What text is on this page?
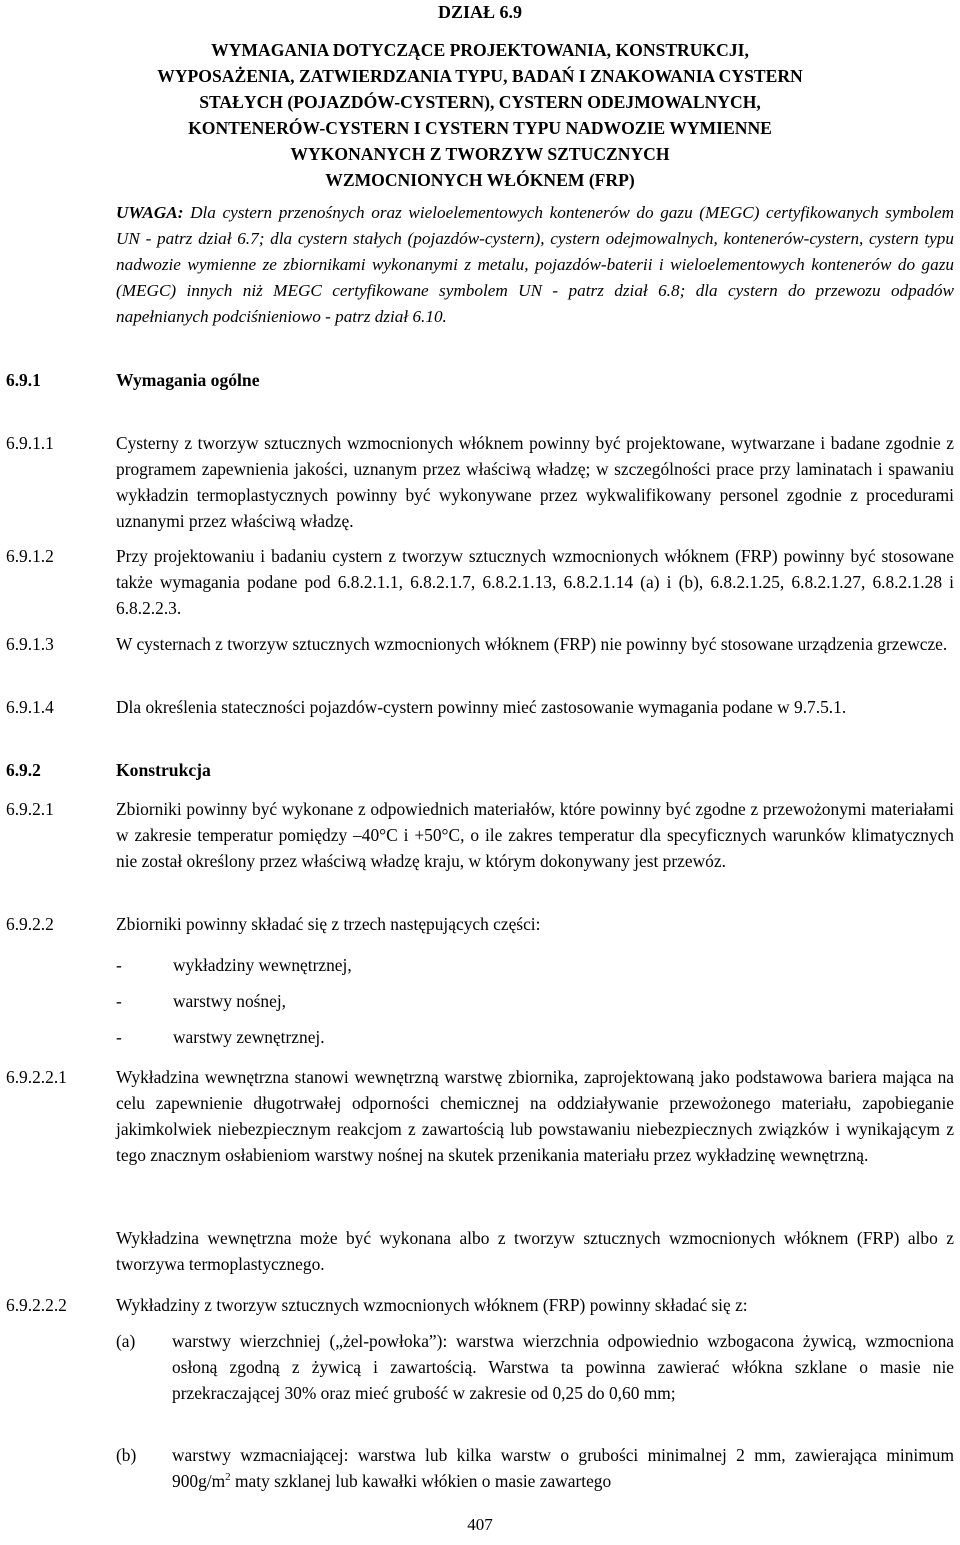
DZIAŁ 6.9
WYMAGANIA DOTYCZĄCE PROJEKTOWANIA, KONSTRUKCJI,
WYPOSAŻENIA, ZATWIERDZANIA TYPU, BADAŃ I ZNAKOWANIA CYSTERN
STAŁYCH (POJAZDÓW-CYSTERN), CYSTERN ODEJMOWALNYCH,
KONTENERÓW-CYSTERN I CYSTERN TYPU NADWOZIE WYMIENNE
WYKONANYCH Z TWORZYW SZTUCZNYCH
WZMOCNIONYCH WŁÓKNEM (FRP)
UWAGA: Dla cystern przenośnych oraz wieloelementowych kontenerów do gazu (MEGC) certyfikowanych symbolem UN - patrz dział 6.7; dla cystern stałych (pojazdów-cystern), cystern odejmowalnych, kontenerów-cystern, cystern typu nadwozie wymienne ze zbiornikami wykonanymi z metalu, pojazdów-baterii i wieloelementowych kontenerów do gazu (MEGC) innych niż MEGC certyfikowane symbolem UN - patrz dział 6.8; dla cystern do przewozu odpadów napełnianych podciśnieniowo - patrz dział 6.10.
6.9.1	Wymagania ogólne
6.9.1.1	Cysterny z tworzyw sztucznych wzmocnionych włóknem powinny być projektowane, wytwarzane i badane zgodnie z programem zapewnienia jakości, uznanym przez właściwą władzę; w szczególności prace przy laminatach i spawaniu wykładzin termoplastycznych powinny być wykonywane przez wykwalifikowany personel zgodnie z procedurami uznanymi przez właściwą władzę.
6.9.1.2	Przy projektowaniu i badaniu cystern z tworzyw sztucznych wzmocnionych włóknem (FRP) powinny być stosowane także wymagania podane pod 6.8.2.1.1, 6.8.2.1.7, 6.8.2.1.13, 6.8.2.1.14 (a) i (b), 6.8.2.1.25, 6.8.2.1.27, 6.8.2.1.28 i 6.8.2.2.3.
6.9.1.3	W cysternach z tworzyw sztucznych wzmocnionych włóknem (FRP) nie powinny być stosowane urządzenia grzewcze.
6.9.1.4	Dla określenia stateczności pojazdów-cystern powinny mieć zastosowanie wymagania podane w 9.7.5.1.
6.9.2	Konstrukcja
6.9.2.1	Zbiorniki powinny być wykonane z odpowiednich materiałów, które powinny być zgodne z przewożonymi materiałami w zakresie temperatur pomiędzy –40°C i +50°C, o ile zakres temperatur dla specyficznych warunków klimatycznych nie został określony przez właściwą władzę kraju, w którym dokonywany jest przewóz.
6.9.2.2	Zbiorniki powinny składać się z trzech następujących części:
-	wykładziny wewnętrznej,
-	warstwy nośnej,
-	warstwy zewnętrznej.
6.9.2.2.1	Wykładzina wewnętrzna stanowi wewnętrzną warstwę zbiornika, zaprojektowaną jako podstawowa bariera mająca na celu zapewnienie długotrwałej odporności chemicznej na oddziaływanie przewożonego materiału, zapobieganie jakimkolwiek niebezpiecznym reakcjom z zawartością lub powstawaniu niebezpiecznych związków i wynikającym z tego znacznym osłabieniom warstwy nośnej na skutek przenikania materiału przez wykładzinę wewnętrzną.
Wykładzina wewnętrzna może być wykonana albo z tworzyw sztucznych wzmocnionych włóknem (FRP) albo z tworzywa termoplastycznego.
6.9.2.2.2	Wykładziny z tworzyw sztucznych wzmocnionych włóknem (FRP) powinny składać się z:
(a) warstwy wierzchniej („żel-powłoka”): warstwa wierzchnia odpowiednio wzbogacona żywicą, wzmocniona osłoną zgodną z żywicą i zawartością. Warstwa ta powinna zawierać włókna szklane o masie nie przekraczającej 30% oraz mieć grubość w zakresie od 0,25 do 0,60 mm;
(b) warstwy wzmacniającej: warstwa lub kilka warstw o grubości minimalnej 2 mm, zawierająca minimum $900g/m^2$ maty szklanej lub kawałki włókien o masie zawartego
407
